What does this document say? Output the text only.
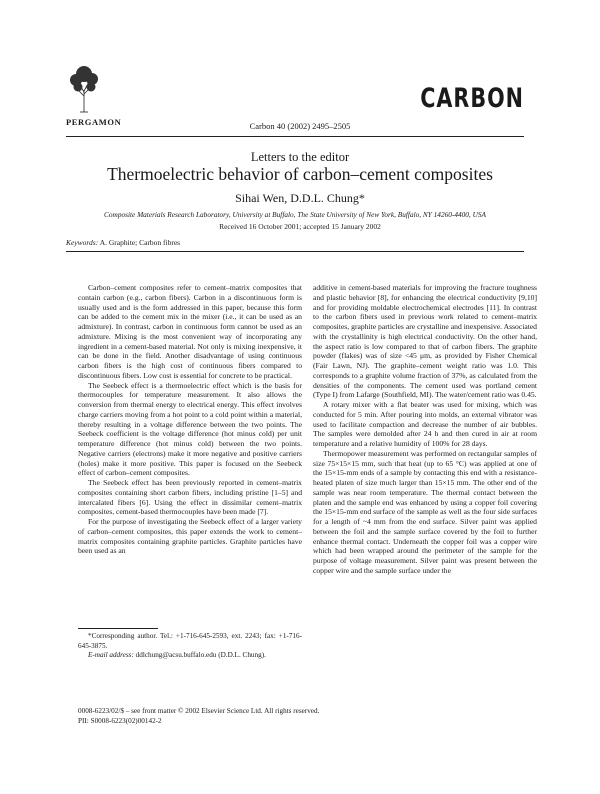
PERGAMON
CARBON
Carbon 40 (2002) 2495–2505
Letters to the editor
Thermoelectric behavior of carbon–cement composites
Sihai Wen, D.D.L. Chung*
Composite Materials Research Laboratory, University at Buffalo, The State University of New York, Buffalo, NY 14260-4400, USA
Received 16 October 2001; accepted 15 January 2002
Keywords: A. Graphite; Carbon fibres

Carbon–cement composites refer to cement–matrix composites that contain carbon (e.g., carbon fibers). Carbon in a discontinuous form is usually used and is the form addressed in this paper, because this form can be added to the cement mix in the mixer (i.e., it can be used as an admixture). In contrast, carbon in continuous form cannot be used as an admixture. Mixing is the most convenient way of incorporating any ingredient in a cement-based material. Not only is mixing inexpensive, it can be done in the field. Another disadvantage of using continuous carbon fibers is the high cost of continuous fibers compared to discontinuous fibers. Low cost is essential for concrete to be practical.

The Seebeck effect is a thermoelectric effect which is the basis for thermocouples for temperature measurement. It also allows the conversion from thermal energy to electrical energy. This effect involves charge carriers moving from a hot point to a cold point within a material, thereby resulting in a voltage difference between the two points. The Seebeck coefficient is the voltage difference (hot minus cold) per unit temperature difference (hot minus cold) between the two points. Negative carriers (electrons) make it more negative and positive carriers (holes) make it more positive. This paper is focused on the Seebeck effect of carbon–cement composites.

The Seebeck effect has been previously reported in cement–matrix composites containing short carbon fibers, including pristine [1–5] and intercalated fibers [6]. Using the effect in dissimilar cement–matrix composites, cement-based thermocouples have been made [7].

For the purpose of investigating the Seebeck effect of a larger variety of carbon–cement composites, this paper extends the work to cement–matrix composites containing graphite particles. Graphite particles have been used as an

additive in cement-based materials for improving the fracture toughness and plastic behavior [8], for enhancing the electrical conductivity [9,10] and for providing moldable electrochemical electrodes [11]. In contrast to the carbon fibers used in previous work related to cement–matrix composites, graphite particles are crystalline and inexpensive. Associated with the crystallinity is high electrical conductivity. On the other hand, the aspect ratio is low compared to that of carbon fibers. The graphite powder (flakes) was of size <45 μm, as provided by Fisher Chemical (Fair Lawn, NJ). The graphite–cement weight ratio was 1.0. This corresponds to a graphite volume fraction of 37%, as calculated from the densities of the components. The cement used was portland cement (Type I) from Lafarge (Southfield, MI). The water/cement ratio was 0.45.

A rotary mixer with a flat beater was used for mixing, which was conducted for 5 min. After pouring into molds, an external vibrator was used to facilitate compaction and decrease the number of air bubbles. The samples were demolded after 24 h and then cured in air at room temperature and a relative humidity of 100% for 28 days.

Thermopower measurement was performed on rectangular samples of size 75×15×15 mm, such that heat (up to 65 °C) was applied at one of the 15×15-mm ends of a sample by contacting this end with a resistance-heated platen of size much larger than 15×15 mm. The other end of the sample was near room temperature. The thermal contact between the platen and the sample end was enhanced by using a copper foil covering the 15×15-mm end surface of the sample as well as the four side surfaces for a length of ~4 mm from the end surface. Silver paint was applied between the foil and the sample surface covered by the foil to further enhance thermal contact. Underneath the copper foil was a copper wire which had been wrapped around the perimeter of the sample for the purpose of voltage measurement. Silver paint was present between the copper wire and the sample surface under the

*Corresponding author. Tel.: +1-716-645-2593, ext. 2243; fax: +1-716-645-3875.

E-mail address: ddlchung@acsu.buffalo.edu (D.D.L. Chung).

0008-6223/02/$ – see front matter © 2002 Elsevier Science Ltd. All rights reserved.
PII: S0008-6223(02)00142-2
